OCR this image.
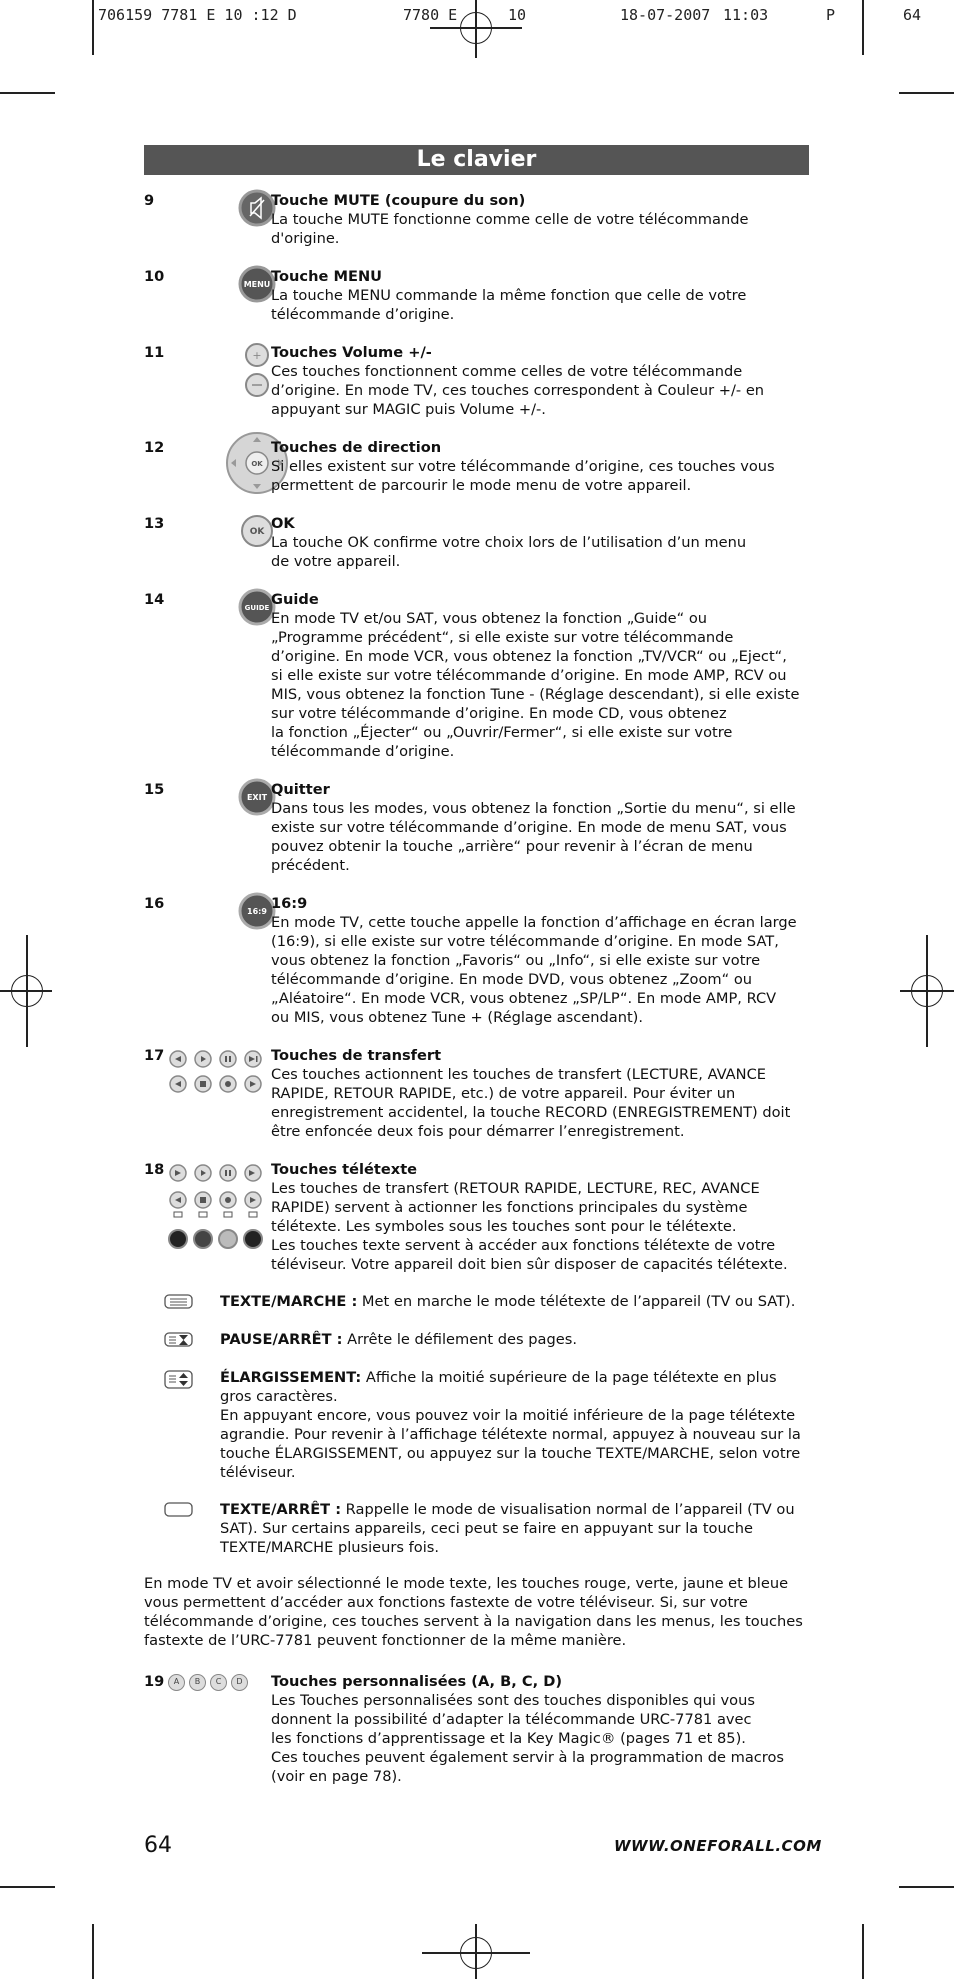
706159 7781 E 10 :12 D

	7780 E

	10

	18-07-2007

11:03

	P

	64

Le clavier
9	Touche MUTE (coupure du son)
La touche MUTE fonctionne comme celle de votre télécommande
d'origine.
10	MENU Touche MENU
La touche MENU commande la même fonction que celle de votre
télécommande d’origine.
11	+ Touches Volume +/-
Ces touches fonctionnent comme celles de votre télécommande
d’origine. En mode TV, ces touches correspondent à Couleur +/- en
appuyant sur MAGIC puis Volume +/-.
12
OK
Touches de direction
Si elles existent sur votre télécommande d’origine, ces touches vous
permettent de parcourir le mode menu de votre appareil.
13	OK OK
La touche OK confirme votre choix lors de l’utilisation d’un menu
de votre appareil.
14	GUIDE Guide
En mode TV et/ou SAT, vous obtenez la fonction „Guide“ ou
„Programme précédent“, si elle existe sur votre télécommande
d’origine. En mode VCR, vous obtenez la fonction „TV/VCR“ ou „Eject“,
si elle existe sur votre télécommande d’origine. En mode AMP, RCV ou
MIS, vous obtenez la fonction Tune - (Réglage descendant), si elle existe
sur votre télécommande d’origine. En mode CD, vous obtenez
la fonction „Éjecter“ ou „Ouvrir/Fermer“, si elle existe sur votre
télécommande d’origine.
15	EXIT Quitter
Dans tous les modes, vous obtenez la fonction „Sortie du menu“, si elle
existe sur votre télécommande d’origine. En mode de menu SAT, vous
pouvez obtenir la touche „arrière“ pour revenir à l’écran de menu
précédent.
16	16:9 16:9
En mode TV, cette touche appelle la fonction d’affichage en écran large
(16:9), si elle existe sur votre télécommande d’origine. En mode SAT,
vous obtenez la fonction „Favoris“ ou „Info“, si elle existe sur votre
télécommande d’origine. En mode DVD, vous obtenez „Zoom“ ou
„Aléatoire“. En mode VCR, vous obtenez „SP/LP“. En mode AMP, RCV
ou MIS, vous obtenez Tune + (Réglage ascendant).
17	Touches de transfert
Ces touches actionnent les touches de transfert (LECTURE, AVANCE
RAPIDE, RETOUR RAPIDE, etc.) de votre appareil. Pour éviter un
enregistrement accidentel, la touche RECORD (ENREGISTREMENT) doit
être enfoncée deux fois pour démarrer l’enregistrement.
18	Touches télétexte
Les touches de transfert (RETOUR RAPIDE, LECTURE, REC, AVANCE
RAPIDE) servent à actionner les fonctions principales du système
télétexte. Les symboles sous les touches sont pour le télétexte.
Les touches texte servent à accéder aux fonctions télétexte de votre
téléviseur. Votre appareil doit bien sûr disposer de capacités télétexte.
TEXTE/MARCHE : Met en marche le mode télétexte de l’appareil (TV ou SAT).
PAUSE/ARRÊT : Arrête le défilement des pages.
ÉLARGISSEMENT: Affiche la moitié supérieure de la page télétexte en plus
gros caractères.
En appuyant encore, vous pouvez voir la moitié inférieure de la page télétexte
agrandie. Pour revenir à l’affichage télétexte normal, appuyez à nouveau sur la
touche ÉLARGISSEMENT, ou appuyez sur la touche TEXTE/MARCHE, selon votre
téléviseur.
TEXTE/ARRÊT : Rappelle le mode de visualisation normal de l’appareil (TV ou
SAT). Sur certains appareils, ceci peut se faire en appuyant sur la touche
TEXTE/MARCHE plusieurs fois.
En mode TV et avoir sélectionné le mode texte, les touches rouge, verte, jaune et bleue vous permettent d’accéder aux fonctions fastexte de votre téléviseur. Si, sur votre télécommande d’origine, ces touches servent à la navigation dans les menus, les touches fastexte de l’URC-7781 peuvent fonctionner de la même manière.
19	A B C D	Touches personnalisées (A, B, C, D)
Les Touches personnalisées sont des touches disponibles qui vous
donnent la possibilité d’adapter la télécommande URC-7781 avec
les fonctions d’apprentissage et la Key Magic® (pages 71 et 85).
Ces touches peuvent également servir à la programmation de macros
(voir en page 78).
64	WWW.ONEFORALL.COM
